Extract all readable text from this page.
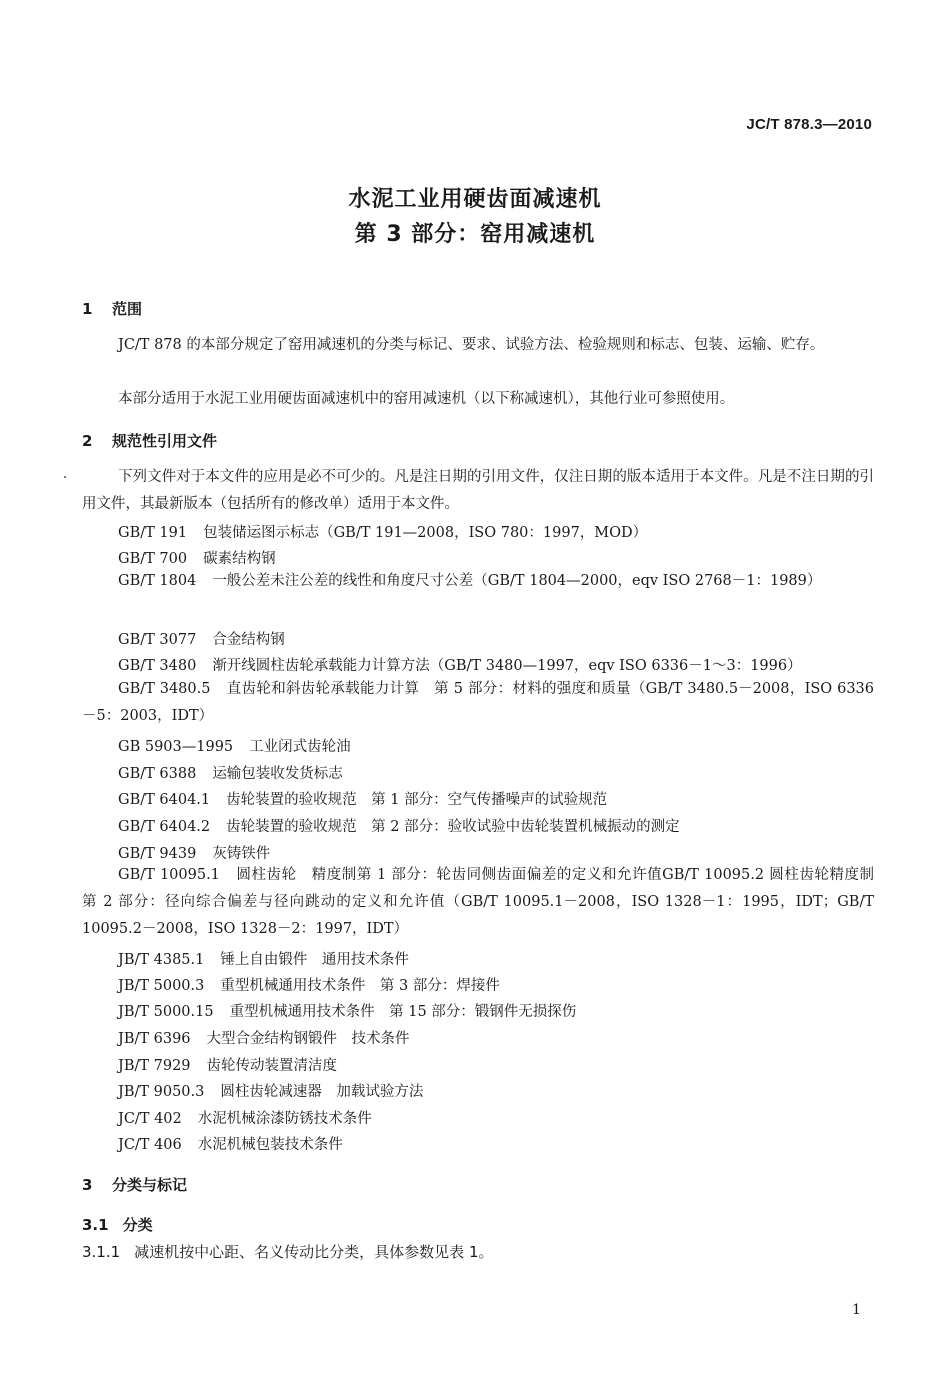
JC/T 878.3—2010
水泥工业用硬齿面减速机
第 3 部分：窑用减速机
1 范围
JC/T 878 的本部分规定了窑用减速机的分类与标记、要求、试验方法、检验规则和标志、包装、运输、贮存。
本部分适用于水泥工业用硬齿面减速机中的窑用减速机（以下称减速机），其他行业可参照使用。
2 规范性引用文件
下列文件对于本文件的应用是必不可少的。凡是注日期的引用文件，仅注日期的版本适用于本文件。凡是不注日期的引用文件，其最新版本（包括所有的修改单）适用于本文件。
GB/T 191 包装储运图示标志（GB/T 191—2008，ISO 780：1997，MOD）
GB/T 700 碳素结构钢
GB/T 1804 一般公差未注公差的线性和角度尺寸公差（GB/T 1804—2000，eqv ISO 2768－1：1989）
GB/T 3077 合金结构钢
GB/T 3480 渐开线圆柱齿轮承载能力计算方法（GB/T 3480—1997，eqv ISO 6336－1～3：1996）
GB/T 3480.5 直齿轮和斜齿轮承载能力计算　第 5 部分：材料的强度和质量（GB/T 3480.5－2008，ISO 6336－5：2003，IDT）
GB 5903—1995 工业闭式齿轮油
GB/T 6388 运输包装收发货标志
GB/T 6404.1 齿轮装置的验收规范　第 1 部分：空气传播噪声的试验规范
GB/T 6404.2 齿轮装置的验收规范　第 2 部分：验收试验中齿轮装置机械振动的测定
GB/T 9439 灰铸铁件
GB/T 10095.1 圆柱齿轮　精度制第 1 部分：轮齿同侧齿面偏差的定义和允许值GB/T 10095.2 圆柱齿轮精度制　第 2 部分：径向综合偏差与径向跳动的定义和允许值（GB/T 10095.1－2008，ISO 1328－1：1995，IDT；GB/T 10095.2－2008，ISO 1328－2：1997，IDT）
JB/T 4385.1 锤上自由锻件　通用技术条件
JB/T 5000.3 重型机械通用技术条件　第 3 部分：焊接件
JB/T 5000.15 重型机械通用技术条件　第 15 部分：锻钢件无损探伤
JB/T 6396 大型合金结构钢锻件　技术条件
JB/T 7929 齿轮传动装置清洁度
JB/T 9050.3 圆柱齿轮减速器　加载试验方法
JC/T 402 水泥机械涂漆防锈技术条件
JC/T 406 水泥机械包装技术条件
3 分类与标记
3.1 分类
3.1.1 减速机按中心距、名义传动比分类，具体参数见表 1。
1
